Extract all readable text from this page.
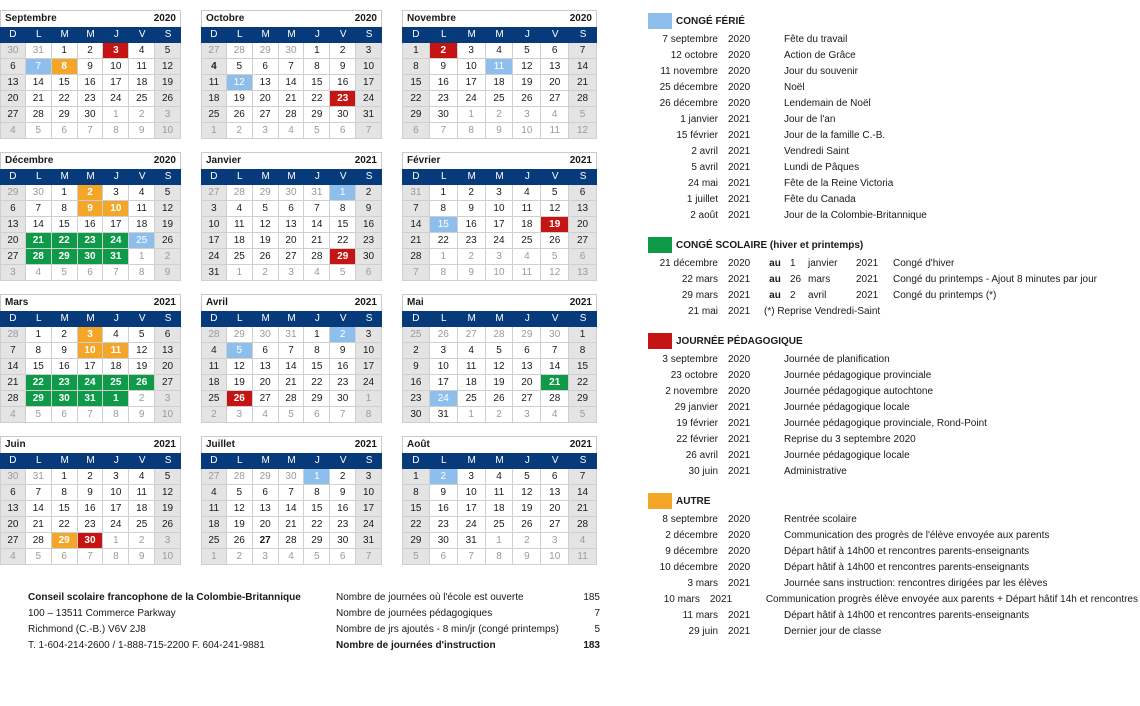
Septembre	2020
D	L	M	M	J	V	S
30	31	1	2	3	4	5
6	7	8	9	10	11	12
13	14	15	16	17	18	19
20	21	22	23	24	25	26
27	28	29	30	1	2	3
4	5	6	7	8	9	10
Octobre	2020
D	L	M	M	J	V	S
27	28	29	30	1	2	3
4	5	6	7	8	9	10
11	12	13	14	15	16	17
18	19	20	21	22	23	24
25	26	27	28	29	30	31
1	2	3	4	5	6	7
Novembre	2020
D	L	M	M	J	V	S
1	2	3	4	5	6	7
8	9	10	11	12	13	14
15	16	17	18	19	20	21
22	23	24	25	26	27	28
29	30	1	2	3	4	5
6	7	8	9	10	11	12
Décembre	2020
D	L	M	M	J	V	S
29	30	1	2	3	4	5
6	7	8	9	10	11	12
13	14	15	16	17	18	19
20	21	22	23	24	25	26
27	28	29	30	31	1	2
3	4	5	6	7	8	9
Janvier	2021
D	L	M	M	J	V	S
27	28	29	30	31	1	2
3	4	5	6	7	8	9
10	11	12	13	14	15	16
17	18	19	20	21	22	23
24	25	26	27	28	29	30
31	1	2	3	4	5	6
Février	2021
D	L	M	M	J	V	S
31	1	2	3	4	5	6
7	8	9	10	11	12	13
14	15	16	17	18	19	20
21	22	23	24	25	26	27
28	1	2	3	4	5	6
7	8	9	10	11	12	13
Mars	2021
D	L	M	M	J	V	S
28	1	2	3	4	5	6
7	8	9	10	11	12	13
14	15	16	17	18	19	20
21	22	23	24	25	26	27
28	29	30	31	1	2	3
4	5	6	7	8	9	10
Avril	2021
D	L	M	M	J	V	S
28	29	30	31	1	2	3
4	5	6	7	8	9	10
11	12	13	14	15	16	17
18	19	20	21	22	23	24
25	26	27	28	29	30	1
2	3	4	5	6	7	8
Mai	2021
D	L	M	M	J	V	S
25	26	27	28	29	30	1
2	3	4	5	6	7	8
9	10	11	12	13	14	15
16	17	18	19	20	21	22
23	24	25	26	27	28	29
30	31	1	2	3	4	5
Juin	2021
D	L	M	M	J	V	S
30	31	1	2	3	4	5
6	7	8	9	10	11	12
13	14	15	16	17	18	19
20	21	22	23	24	25	26
27	28	29	30	1	2	3
4	5	6	7	8	9	10
Juillet	2021
D	L	M	M	J	V	S
27	28	29	30	1	2	3
4	5	6	7	8	9	10
11	12	13	14	15	16	17
18	19	20	21	22	23	24
25	26	27	28	29	30	31
1	2	3	4	5	6	7
Août	2021
D	L	M	M	J	V	S
1	2	3	4	5	6	7
8	9	10	11	12	13	14
15	16	17	18	19	20	21
22	23	24	25	26	27	28
29	30	31	1	2	3	4
5	6	7	8	9	10	11
Conseil scolaire francophone de la Colombie-Britannique
100 – 13511 Commerce Parkway
Richmond (C.-B.) V6V 2J8
T. 1-604-214-2600 / 1-888-715-2200 F. 604-241-9881
Nombre de journées où l'école est ouverte	185
Nombre de journées pédagogiques	7
Nombre de jrs ajoutés - 8 min/jr (congé printemps)	5
Nombre de journées d'instruction	183
CONGÉ FÉRIÉ
7 septembre 2020	Fête du travail
12 octobre 2020	Action de Grâce
11 novembre 2020	Jour du souvenir
25 décembre 2020	Noël
26 décembre 2020	Lendemain de Noël
1 janvier 2021	Jour de l'an
15 février 2021	Jour de la famille C.-B.
2 avril 2021	Vendredi Saint
5 avril 2021	Lundi de Pâques
24 mai 2021	Fête de la Reine Victoria
1 juillet 2021	Fête du Canada
2 août 2021	Jour de la Colombie-Britannique
CONGÉ SCOLAIRE (hiver et printemps)
21 décembre 2020	au 1	janvier	2021 Congé d'hiver
22 mars 2021	au 26 mars	2021 Congé du printemps - Ajout 8 minutes par jour
29 mars 2021	au 2	avril	2021 Congé du printemps (*)
21 mai 2021 (*) Reprise Vendredi-Saint
JOURNÉE PÉDAGOGIQUE
3 septembre 2020	Journée de planification
23 octobre 2020	Journée pédagogique provinciale
2 novembre 2020	Journée pédagogique autochtone
29 janvier 2021	Journée pédagogique locale
19 février 2021	Journée pédagogique provinciale, Rond-Point
22 février 2021	Reprise du 3 septembre 2020
26 avril 2021	Journée pédagogique locale
30 juin 2021	Administrative
AUTRE
8 septembre 2020	Rentrée scolaire
2 décembre 2020	Communication des progrès de l'élève envoyée aux parents
9 décembre 2020	Départ hâtif à 14h00 et rencontres parents-enseignants
10 décembre 2020	Départ hâtif à 14h00 et rencontres parents-enseignants
3 mars 2021	Journée sans instruction: rencontres dirigées par les élèves
10 mars 2021	Communication progrès élève envoyée aux parents + Départ hâtif 14h et rencontres
11 mars 2021	Départ hâtif à 14h00 et rencontres parents-enseignants
29 juin 2021	Dernier jour de classe
